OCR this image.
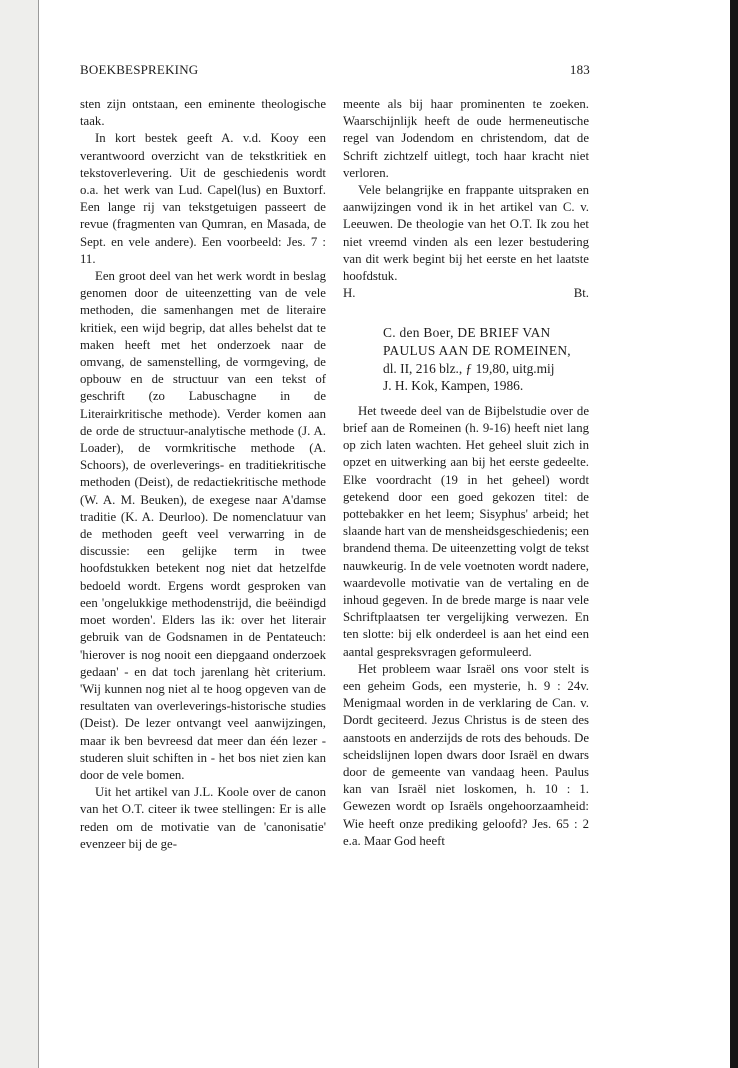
BOEKBESPREKING	183

sten zijn ontstaan, een eminente theologische taak.

In kort bestek geeft A. v.d. Kooy een verantwoord overzicht van de tekstkritiek en tekstoverlevering. Uit de geschiedenis wordt o.a. het werk van Lud. Capel(lus) en Buxtorf. Een lange rij van tekstgetuigen passeert de revue (fragmenten van Qumran, en Masada, de Sept. en vele andere). Een voorbeeld: Jes. 7 : 11.

Een groot deel van het werk wordt in beslag genomen door de uiteenzetting van de vele methoden, die samenhangen met de literaire kritiek, een wijd begrip, dat alles behelst dat te maken heeft met het onderzoek naar de omvang, de samenstelling, de vormgeving, de opbouw en de structuur van een tekst of geschrift (zo Labuschagne in de Literairkritische methode). Verder komen aan de orde de structuur-analytische methode (J. A. Loader), de vormkritische methode (A. Schoors), de overleverings- en traditiekritische methoden (Deist), de redactiekritische methode (W. A. M. Beuken), de exegese naar A'damse traditie (K. A. Deurloo). De nomenclatuur van de methoden geeft veel verwarring in de discussie: een gelijke term in twee hoofdstukken betekent nog niet dat hetzelfde bedoeld wordt. Ergens wordt gesproken van een 'ongelukkige methodenstrijd, die beëindigd moet worden'. Elders las ik: over het literair gebruik van de Godsnamen in de Pentateuch: 'hierover is nog nooit een diepgaand onderzoek gedaan' - en dat toch jarenlang hèt criterium. 'Wij kunnen nog niet al te hoog opgeven van de resultaten van overleverings-historische studies (Deist). De lezer ontvangt veel aanwijzingen, maar ik ben bevreesd dat meer dan één lezer - studeren sluit schiften in - het bos niet zien kan door de vele bomen.

Uit het artikel van J.L. Koole over de canon van het O.T. citeer ik twee stellingen: Er is alle reden om de motivatie van de 'canonisatie' evenzeer bij de ge-

meente als bij haar prominenten te zoeken. Waarschijnlijk heeft de oude hermeneutische regel van Jodendom en christendom, dat de Schrift zichtzelf uitlegt, toch haar kracht niet verloren.

Vele belangrijke en frappante uitspraken en aanwijzingen vond ik in het artikel van C. v. Leeuwen. De theologie van het O.T. Ik zou het niet vreemd vinden als een lezer bestudering van dit werk begint bij het eerste en het laatste hoofdstuk.

H.	Bt.
C. den Boer, DE BRIEF VAN
PAULUS AAN DE ROMEINEN,
dl. II, 216 blz., ƒ 19,80, uitg.mij
J. H. Kok, Kampen, 1986.

Het tweede deel van de Bijbelstudie over de brief aan de Romeinen (h. 9-16) heeft niet lang op zich laten wachten. Het geheel sluit zich in opzet en uitwerking aan bij het eerste gedeelte. Elke voordracht (19 in het geheel) wordt getekend door een goed gekozen titel: de pottebakker en het leem; Sisyphus' arbeid; het slaande hart van de mensheidsgeschiedenis; een brandend thema. De uiteenzetting volgt de tekst nauwkeurig. In de vele voetnoten wordt nadere, waardevolle motivatie van de vertaling en de inhoud gegeven. In de brede marge is naar vele Schriftplaatsen ter vergelijking verwezen. En ten slotte: bij elk onderdeel is aan het eind een aantal gespreksvragen geformuleerd.

Het probleem waar Israël ons voor stelt is een geheim Gods, een mysterie, h. 9 : 24v. Menigmaal worden in de verklaring de Can. v. Dordt geciteerd. Jezus Christus is de steen des aanstoots en anderzijds de rots des behouds. De scheidslijnen lopen dwars door Israël en dwars door de gemeente van vandaag heen. Paulus kan van Israël niet loskomen, h. 10 : 1. Gewezen wordt op Israëls ongehoorzaamheid: Wie heeft onze prediking geloofd? Jes. 65 : 2 e.a. Maar God heeft
